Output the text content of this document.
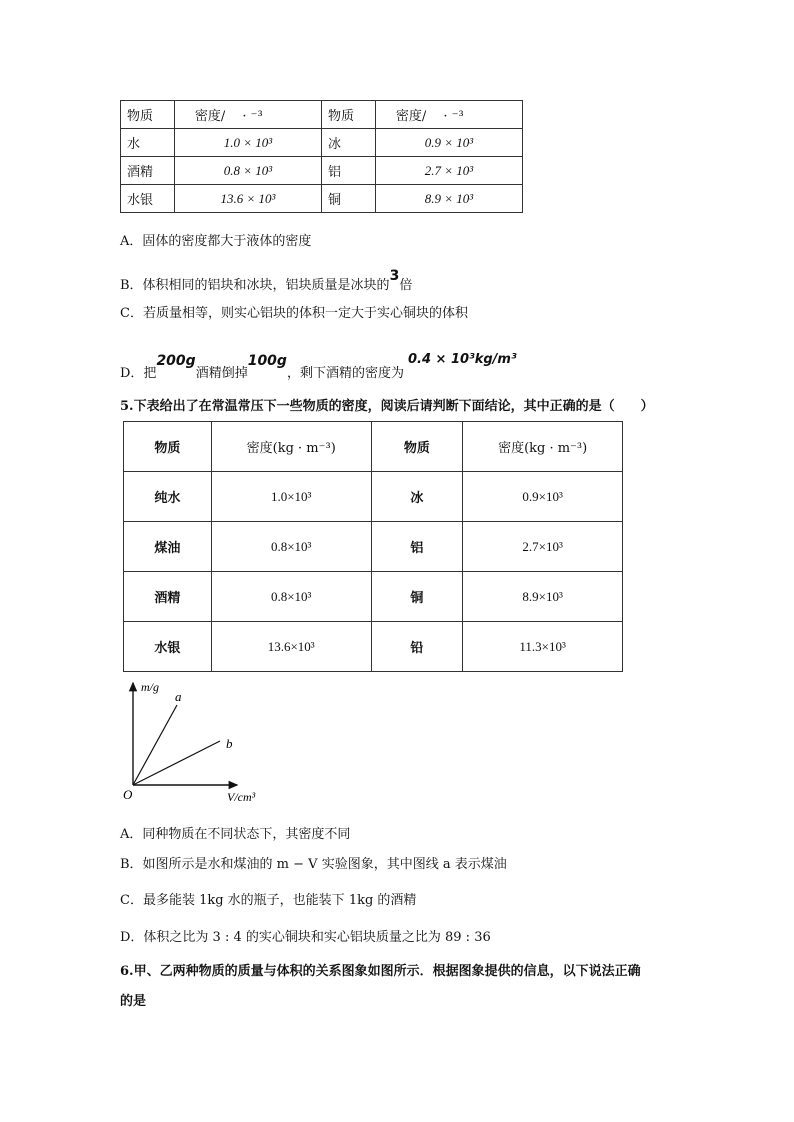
物质	密度/　 · ⁻³	物质	密度/　 · ⁻³
水	1.0 × 10³	冰	0.9 × 10³
酒精	0.8 × 10³	铝	2.7 × 10³
水银	13.6 × 10³	铜	8.9 × 10³
A．固体的密度都大于液体的密度
B．体积相同的铝块和冰块，铝块质量是冰块的3倍
C．若质量相等，则实心铝块的体积一定大于实心铜块的体积
D．把200g酒精倒掉100g，剩下酒精的密度为0.4 × 10³kg/m³
5.下表给出了在常温常压下一些物质的密度，阅读后请判断下面结论，其中正确的是（　　）
物质	密度(kg · m⁻³)	物质	密度(kg · m⁻³)
纯水	1.0×10³	冰	0.9×10³
煤油	0.8×10³	铝	2.7×10³
酒精	0.8×10³	铜	8.9×10³
水银	13.6×10³	铅	11.3×10³
m/g
V/cm³
O
a
b
A．同种物质在不同状态下，其密度不同
B．如图所示是水和煤油的 m − V 实验图象，其中图线 a 表示煤油
C．最多能装 1kg 水的瓶子，也能装下 1kg 的酒精
D．体积之比为 3 : 4 的实心铜块和实心铝块质量之比为 89 : 36
6.甲、乙两种物质的质量与体积的关系图象如图所示．根据图象提供的信息，以下说法正确
的是
